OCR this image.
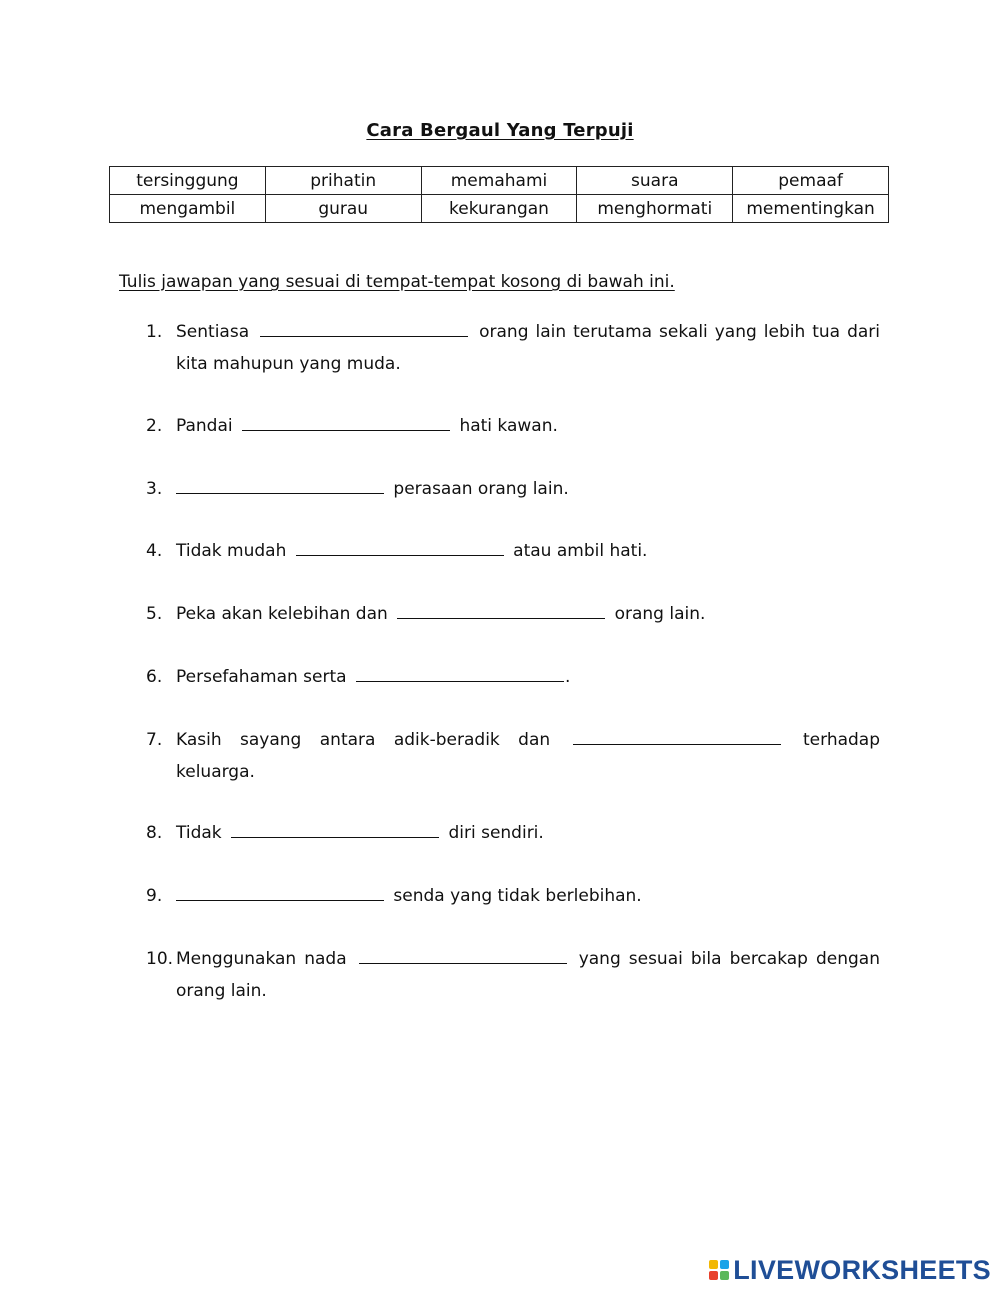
Cara Bergaul Yang Terpuji
tersinggung	prihatin	memahami	suara	pemaaf
mengambil	gurau	kekurangan	menghormati	mementingkan
Tulis jawapan yang sesuai di tempat-tempat kosong di bawah ini.
1. Sentiasa	orang lain terutama sekali yang lebih tua dari kita mahupun yang muda.
2. Pandai	hati kawan.
3.	perasaan orang lain.
4. Tidak mudah	atau ambil hati.
5. Peka akan kelebihan dan	orang lain.
6. Persefahaman serta	.
7. Kasih sayang antara adik-beradik dan	terhadap keluarga.
8. Tidak	diri sendiri.
9.	senda yang tidak berlebihan.
10. Menggunakan nada	yang sesuai bila bercakap dengan orang lain.
LIVEWORKSHEETS
